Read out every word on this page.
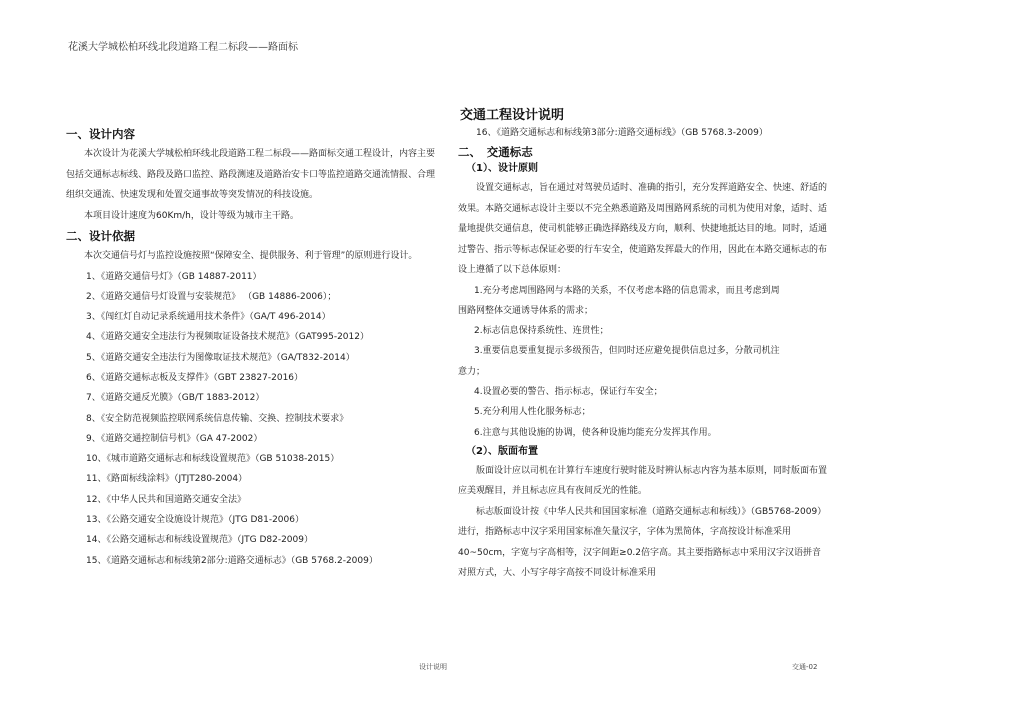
花溪大学城松柏环线北段道路工程二标段——路面标
交通工程设计说明
一、设计内容

本次设计为花溪大学城松柏环线北段道路工程二标段——路面标交通工程设计，内容主要包括交通标志标线、路段及路口监控、路段测速及道路治安卡口等监控道路交通流情报、合理组织交通流、快速发现和处置交通事故等突发情况的科技设施。

本项目设计速度为60Km/h，设计等级为城市主干路。

二、设计依据

本次交通信号灯与监控设施按照“保障安全、提供服务、利于管理”的原则进行设计。

1、《道路交通信号灯》（GB 14887-2011）

2、《道路交通信号灯设置与安装规范》 （GB 14886-2006）；

3、《闯红灯自动记录系统通用技术条件》（GA/T 496-2014）

4、《道路交通安全违法行为视频取证设备技术规范》（GAT995-2012）

5、《道路交通安全违法行为图像取证技术规范》（GA/T832-2014）

6、《道路交通标志板及支撑件》（GBT 23827-2016）

7、《道路交通反光膜》（GB/T 1883-2012）

8、《安全防范视频监控联网系统信息传输、交换、控制技术要求》

9、《道路交通控制信号机》（GA 47-2002）

10、《城市道路交通标志和标线设置规范》（GB 51038-2015）

11、《路面标线涂料》（JTJT280-2004）

12、《中华人民共和国道路交通安全法》

13、《公路交通安全设施设计规范》（JTG D81-2006）

14、《公路交通标志和标线设置规范》（JTG D82-2009）

15、《道路交通标志和标线第2部分:道路交通标志》（GB 5768.2-2009）

16、《道路交通标志和标线第3部分:道路交通标线》（GB 5768.3-2009）

二、　交通标志
（1）、设计原则

设置交通标志，旨在通过对驾驶员适时、准确的指引，充分发挥道路安全、快速、舒适的效果。本路交通标志设计主要以不完全熟悉道路及周围路网系统的司机为使用对象，适时、适量地提供交通信息，使司机能够正确选择路线及方向，顺利、快捷地抵达目的地。同时，适通过警告、指示等标志保证必要的行车安全，使道路发挥最大的作用，因此在本路交通标志的布设上遵循了以下总体原则：

1.充分考虑周围路网与本路的关系，不仅考虑本路的信息需求，而且考虑到周

围路网整体交通诱导体系的需求；

2.标志信息保持系统性、连贯性；

3.重要信息要重复提示多级预告，但同时还应避免提供信息过多，分散司机注

意力；

4.设置必要的警告、指示标志，保证行车安全；

5.充分利用人性化服务标志；

6.注意与其他设施的协调，使各种设施均能充分发挥其作用。

（2）、版面布置

版面设计应以司机在计算行车速度行驶时能及时辨认标志内容为基本原则，同时版面布置应美观醒目，并且标志应具有夜间反光的性能。

标志版面设计按《中华人民共和国国家标准（道路交通标志和标线）》（GB5768-2009）进行，指路标志中汉字采用国家标准矢量汉字，字体为黑简体，字高按设计标准采用40~50cm，字宽与字高相等，汉字间距≥0.2倍字高。其主要指路标志中采用汉字汉语拼音对照方式，大、小写字母字高按不同设计标准采用

设计说明	交通-02
